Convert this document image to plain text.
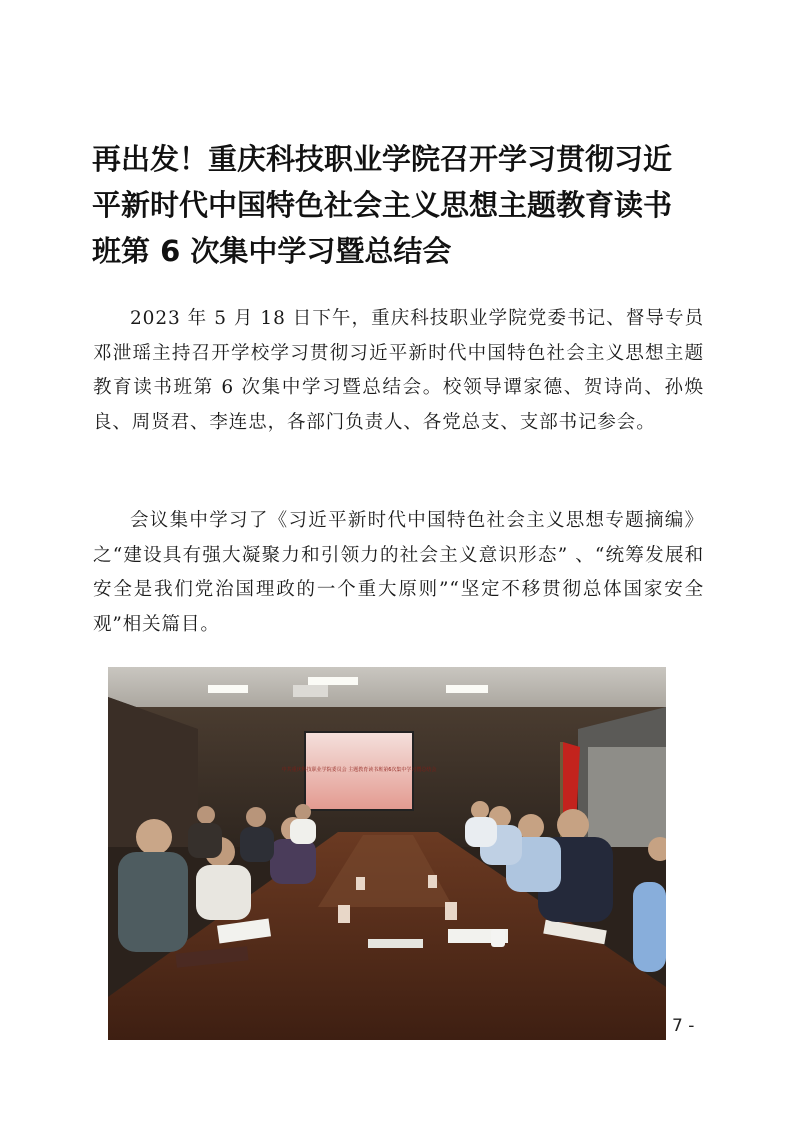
再出发！重庆科技职业学院召开学习贯彻习近
平新时代中国特色社会主义思想主题教育读书
班第 6 次集中学习暨总结会

2023 年 5 月 18 日下午，重庆科技职业学院党委书记、督导专员邓泄瑶主持召开学校学习贯彻习近平新时代中国特色社会主义思想主题教育读书班第 6 次集中学习暨总结会。校领导谭家德、贺诗尚、孙焕良、周贤君、李连忠，各部门负责人、各党总支、支部书记参会。

会议集中学习了《习近平新时代中国特色社会主义思想专题摘编》之“建设具有强大凝聚力和引领力的社会主义意识形态” 、“统筹发展和安全是我们党治国理政的一个重大原则”“坚定不移贯彻总体国家安全观”相关篇目。

中共重庆科技职业学院委员会 主题教育读书班第6次集中学习暨总结会
7 -
